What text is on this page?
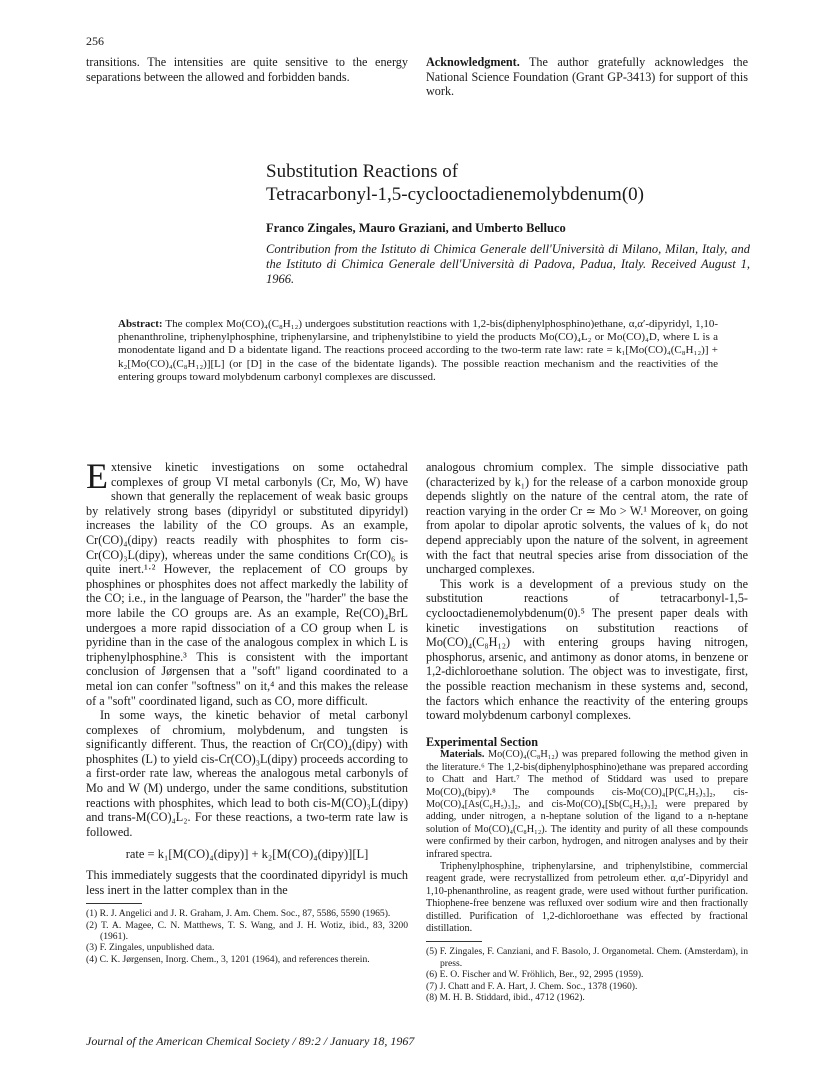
256

transitions. The intensities are quite sensitive to the energy separations between the allowed and forbidden bands.

Acknowledgment. The author gratefully acknowledges the National Science Foundation (Grant GP-3413) for support of this work.

Substitution Reactions of
Tetracarbonyl-1,5-cyclooctadienemolybdenum(0)
Franco Zingales, Mauro Graziani, and Umberto Belluco
Contribution from the Istituto di Chimica Generale dell'Università di Milano, Milan, Italy, and the Istituto di Chimica Generale dell'Università di Padova, Padua, Italy. Received August 1, 1966.
Abstract: The complex Mo(CO)₄(C₈H₁₂) undergoes substitution reactions with 1,2-bis(diphenylphosphino)ethane, α,α′-dipyridyl, 1,10-phenanthroline, triphenylphosphine, triphenylarsine, and triphenylstibine to yield the products Mo(CO)₄L₂ or Mo(CO)₄D, where L is a monodentate ligand and D a bidentate ligand. The reactions proceed according to the two-term rate law: rate = k₁[Mo(CO)₄(C₈H₁₂)] + k₂[Mo(CO)₄(C₈H₁₂)][L] (or [D] in the case of the bidentate ligands). The possible reaction mechanism and the reactivities of the entering groups toward molybdenum carbonyl complexes are discussed.

Extensive kinetic investigations on some octahedral complexes of group VI metal carbonyls (Cr, Mo, W) have shown that generally the replacement of weak basic groups by relatively strong bases (dipyridyl or substituted dipyridyl) increases the lability of the CO groups. As an example, Cr(CO)₄(dipy) reacts readily with phosphites to form cis-Cr(CO)₃L(dipy), whereas under the same conditions Cr(CO)₆ is quite inert.¹·² However, the replacement of CO groups by phosphines or phosphites does not affect markedly the lability of the CO; i.e., in the language of Pearson, the "harder" the base the more labile the CO groups are. As an example, Re(CO)₄BrL undergoes a more rapid dissociation of a CO group when L is pyridine than in the case of the analogous complex in which L is triphenylphosphine.³ This is consistent with the important conclusion of Jørgensen that a "soft" ligand coordinated to a metal ion can confer "softness" on it,⁴ and this makes the release of a "soft" coordinated ligand, such as CO, more difficult.

In some ways, the kinetic behavior of metal carbonyl complexes of chromium, molybdenum, and tungsten is significantly different. Thus, the reaction of Cr(CO)₄(dipy) with phosphites (L) to yield cis-Cr(CO)₃L(dipy) proceeds according to a first-order rate law, whereas the analogous metal carbonyls of Mo and W (M) undergo, under the same conditions, substitution reactions with phosphites, which lead to both cis-M(CO)₃L(dipy) and trans-M(CO)₄L₂. For these reactions, a two-term rate law is followed.

rate = k₁[M(CO)₄(dipy)] + k₂[M(CO)₄(dipy)][L]

This immediately suggests that the coordinated dipyridyl is much less inert in the latter complex than in the

(1) R. J. Angelici and J. R. Graham, J. Am. Chem. Soc., 87, 5586, 5590 (1965).

(2) T. A. Magee, C. N. Matthews, T. S. Wang, and J. H. Wotiz, ibid., 83, 3200 (1961).

(3) F. Zingales, unpublished data.

(4) C. K. Jørgensen, Inorg. Chem., 3, 1201 (1964), and references therein.

analogous chromium complex. The simple dissociative path (characterized by k₁) for the release of a carbon monoxide group depends slightly on the nature of the central atom, the rate of reaction varying in the order Cr ≃ Mo > W.¹ Moreover, on going from apolar to dipolar aprotic solvents, the values of k₁ do not depend appreciably upon the nature of the solvent, in agreement with the fact that neutral species arise from dissociation of the uncharged complexes.

This work is a development of a previous study on the substitution reactions of tetracarbonyl-1,5-cyclooctadienemolybdenum(0).⁵ The present paper deals with kinetic investigations on substitution reactions of Mo(CO)₄(C₈H₁₂) with entering groups having nitrogen, phosphorus, arsenic, and antimony as donor atoms, in benzene or 1,2-dichloroethane solution. The object was to investigate, first, the possible reaction mechanism in these systems and, second, the factors which enhance the reactivity of the entering groups toward molybdenum carbonyl complexes.

Experimental Section

Materials. Mo(CO)₄(C₈H₁₂) was prepared following the method given in the literature.⁶ The 1,2-bis(diphenylphosphino)ethane was prepared according to Chatt and Hart.⁷ The method of Stiddard was used to prepare Mo(CO)₄(bipy).⁸ The compounds cis-Mo(CO)₄[P(C₆H₅)₃]₂, cis-Mo(CO)₄[As(C₆H₅)₃]₂, and cis-Mo(CO)₄[Sb(C₆H₅)₃]₂ were prepared by adding, under nitrogen, a n-heptane solution of the ligand to a n-heptane solution of Mo(CO)₄(C₈H₁₂). The identity and purity of all these compounds were confirmed by their carbon, hydrogen, and nitrogen analyses and by their infrared spectra.

Triphenylphosphine, triphenylarsine, and triphenylstibine, commercial reagent grade, were recrystallized from petroleum ether. α,α′-Dipyridyl and 1,10-phenanthroline, as reagent grade, were used without further purification. Thiophene-free benzene was refluxed over sodium wire and then fractionally distilled. Purification of 1,2-dichloroethane was effected by fractional distillation.

(5) F. Zingales, F. Canziani, and F. Basolo, J. Organometal. Chem. (Amsterdam), in press.

(6) E. O. Fischer and W. Fröhlich, Ber., 92, 2995 (1959).

(7) J. Chatt and F. A. Hart, J. Chem. Soc., 1378 (1960).

(8) M. H. B. Stiddard, ibid., 4712 (1962).

Journal of the American Chemical Society / 89:2 / January 18, 1967
